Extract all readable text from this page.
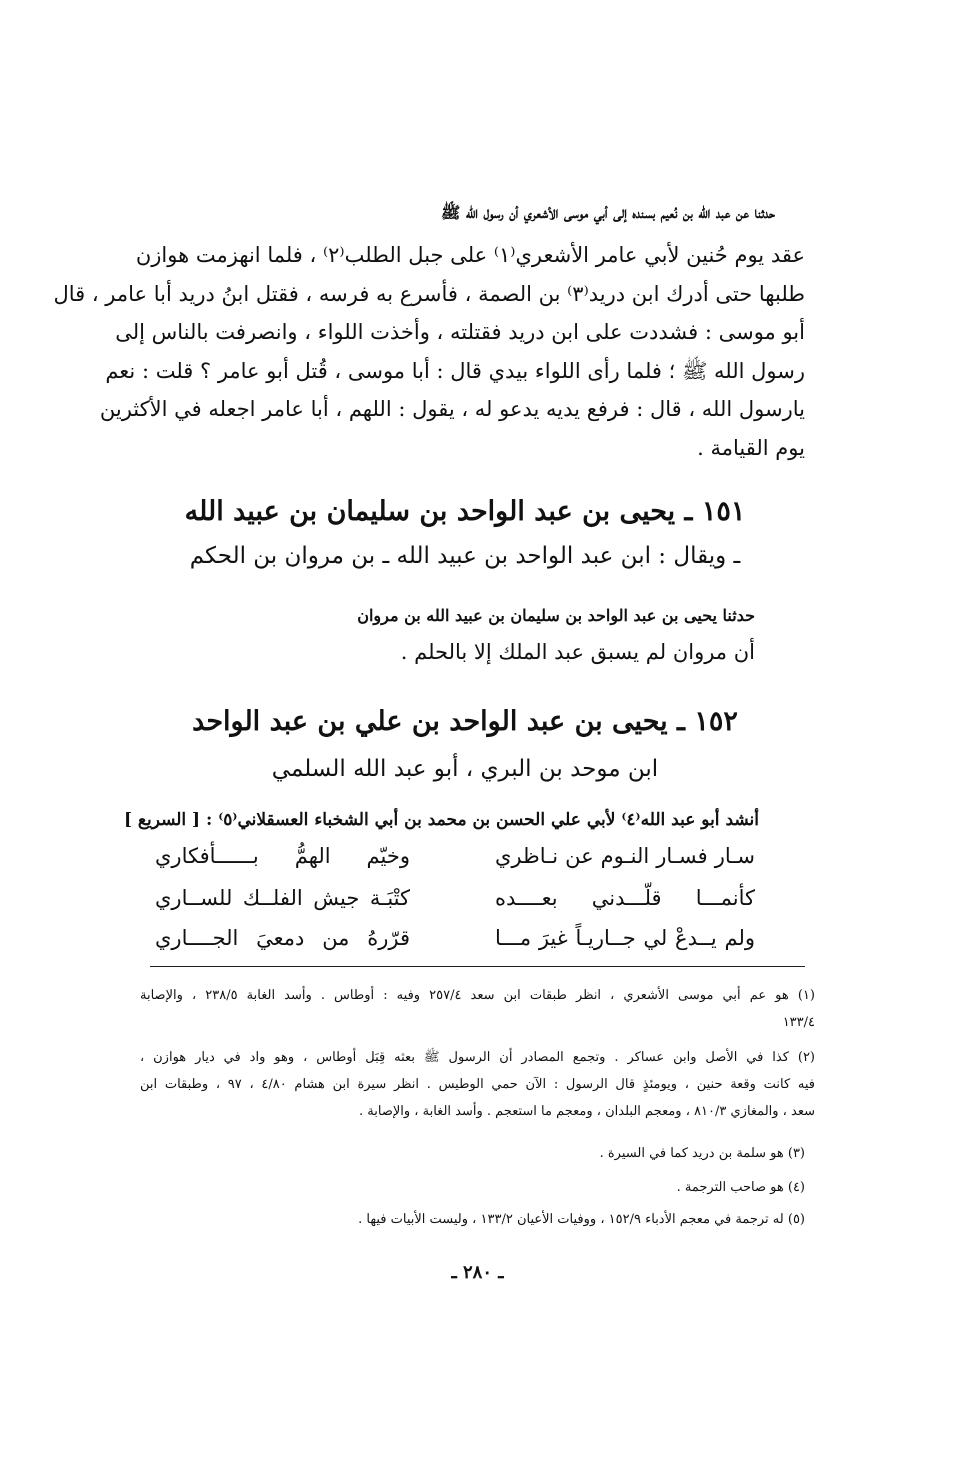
حدثنا عن عبد الله بن نُعيم بسنده إلى أبي موسى الأشعري أن رسول الله ﷺ
عقد يوم حُنين لأبي عامر الأشعري⁽١⁾ على جبل الطلب⁽٢⁾ ، فلما انهزمت هوازن
طلبها حتى أدرك ابن دريد⁽٣⁾ بن الصمة ، فأسرع به فرسه ، فقتل ابنُ دريد أبا عامر ، قال
أبو موسى : فشددت على ابن دريد فقتلته ، وأخذت اللواء ، وانصرفت بالناس إلى
رسول الله ﷺ ؛ فلما رأى اللواء بيدي قال : أبا موسى ، قُتل أبو عامر ؟ قلت : نعم
يارسول الله ، قال : فرفع يديه يدعو له ، يقول : اللهم ، أبا عامر اجعله في الأكثرين
يوم القيامة .
١٥١ ـ يحيى بن عبد الواحد بن سليمان بن عبيد الله
ـ ويقال : ابن عبد الواحد بن عبيد الله ـ بن مروان بن الحكم
حدثنا يحيى بن عبد الواحد بن سليمان بن عبيد الله بن مروان
أن مروان لم يسبق عبد الملك إلا بالحلم .
١٥٢ ـ يحيى بن عبد الواحد بن علي بن عبد الواحد
ابن موحد بن البري ، أبو عبد الله السلمي
أنشد أبو عبد الله⁽٤⁾ لأبي علي الحسن بن محمد بن أبي الشخباء العسقلاني⁽٥⁾ : [ السريع ]
سـار فسـار النـوم عن نـاظري
وخيّم الهمُّ بــــــأفكاري
كأنمـــا قلّـــدني بعــــده
كتْبَـة جيش الفلــك للســاري
ولم يــدعْ لي جــاريـاً غيرَ مـــا
قرّرهُ من دمعيَ الجــــاري
(١) هو عم أبي موسى الأشعري ، انظر طبقات ابن سعد ٢٥٧/٤ وفيه : أوطاس . وأسد الغابة ٢٣٨/٥ ، والإصابة
١٣٣/٤
(٢) كذا في الأصل وابن عساكر . وتجمع المصادر أن الرسول ﷺ بعثه قِبَل أوطاس ، وهو واد في ديار هوازن ،
فيه كانت وقعة حنين ، ويومئذٍ قال الرسول : الآن حمي الوطيس . انظر سيرة ابن هشام ٤/٨٠ ، ٩٧ ، وطبقات ابن
سعد ، والمغازي ٨١٠/٣ ، ومعجم البلدان ، ومعجم ما استعجم . وأسد الغابة ، والإصابة .
(٣) هو سلمة بن دريد كما في السيرة .
(٤) هو صاحب الترجمة .
(٥) له ترجمة في معجم الأدباء ١٥٢/٩ ، ووفيات الأعيان ١٣٣/٢ ، وليست الأبيات فيها .
ـ ٢٨٠ ـ
